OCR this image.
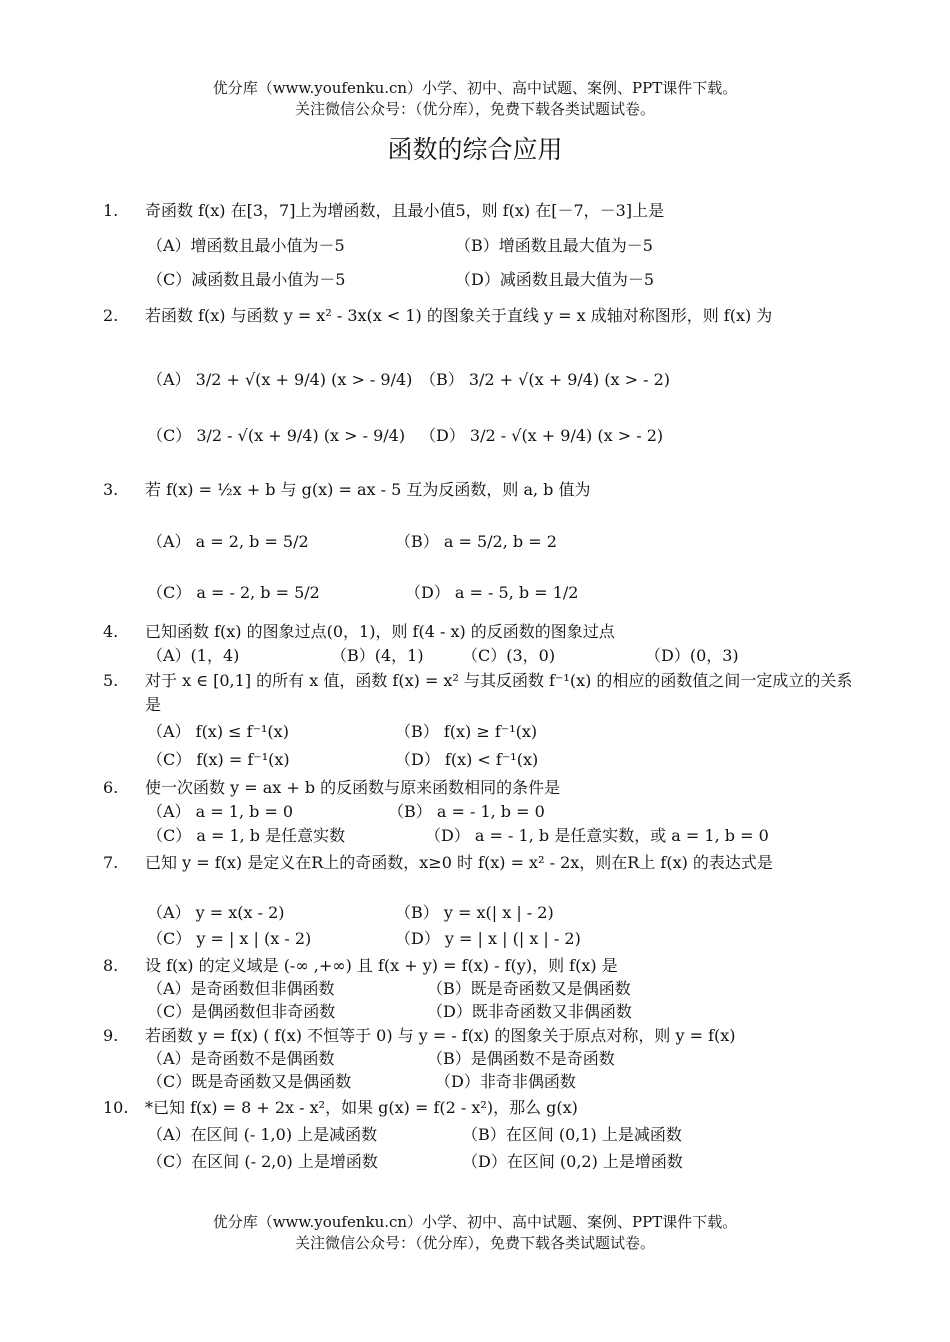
优分库（www.youfenku.cn）小学、初中、高中试题、案例、PPT课件下载。
关注微信公众号：（优分库），免费下载各类试题试卷。
函数的综合应用
1. 奇函数 f(x) 在[3，7]上为增函数，且最小值5，则 f(x) 在[－7，－3]上是
（A）增函数且最小值为－5	（B）增函数且最大值为－5
（C）减函数且最小值为－5	（D）减函数且最大值为－5
2. 若函数 f(x) 与函数 y = x² - 3x(x < 1) 的图象关于直线 y = x 成轴对称图形，则 f(x) 为
（A） 3/2 + √(x + 9/4) (x > - 9/4) （B） 3/2 + √(x + 9/4) (x > - 2)
（C） 3/2 - √(x + 9/4) (x > - 9/4) （D） 3/2 - √(x + 9/4) (x > - 2)
3. 若 f(x) = ½x + b 与 g(x) = ax - 5 互为反函数，则 a, b 值为
（A） a = 2, b = 5/2	（B） a = 5/2, b = 2
（C） a = - 2, b = 5/2	（D） a = - 5, b = 1/2
4. 已知函数 f(x) 的图象过点(0，1)，则 f(4 - x) 的反函数的图象过点
（A）(1，4)	（B）(4，1) （C）(3，0)	（D）(0，3)
5. 对于 x ∈ [0,1] 的所有 x 值，函数 f(x) = x² 与其反函数 f⁻¹(x) 的相应的函数值之间一定成立的关系是
（A） f(x) ≤ f⁻¹(x)	（B） f(x) ≥ f⁻¹(x)
（C） f(x) = f⁻¹(x)	（D） f(x) < f⁻¹(x)
6. 使一次函数 y = ax + b 的反函数与原来函数相同的条件是
（A） a = 1, b = 0	（B） a = - 1, b = 0
（C） a = 1, b 是任意实数	（D） a = - 1, b 是任意实数，或 a = 1, b = 0
7. 已知 y = f(x) 是定义在R上的奇函数，x≥0 时 f(x) = x² - 2x，则在R上 f(x) 的表达式是
（A） y = x(x - 2)	（B） y = x(| x | - 2)
（C） y = | x | (x - 2)	（D） y = | x | (| x | - 2)
8. 设 f(x) 的定义域是 (-∞ ,+∞) 且 f(x + y) = f(x) - f(y)，则 f(x) 是
（A）是奇函数但非偶函数	（B）既是奇函数又是偶函数
（C）是偶函数但非奇函数	（D）既非奇函数又非偶函数
9. 若函数 y = f(x) ( f(x) 不恒等于 0) 与 y = - f(x) 的图象关于原点对称，则 y = f(x)
（A）是奇函数不是偶函数	（B）是偶函数不是奇函数
（C）既是奇函数又是偶函数	（D）非奇非偶函数
10. *已知 f(x) = 8 + 2x - x²，如果 g(x) = f(2 - x²)，那么 g(x)
（A）在区间 (- 1,0) 上是减函数	（B）在区间 (0,1) 上是减函数
（C）在区间 (- 2,0) 上是增函数	（D）在区间 (0,2) 上是增函数
优分库（www.youfenku.cn）小学、初中、高中试题、案例、PPT课件下载。
关注微信公众号：（优分库），免费下载各类试题试卷。
